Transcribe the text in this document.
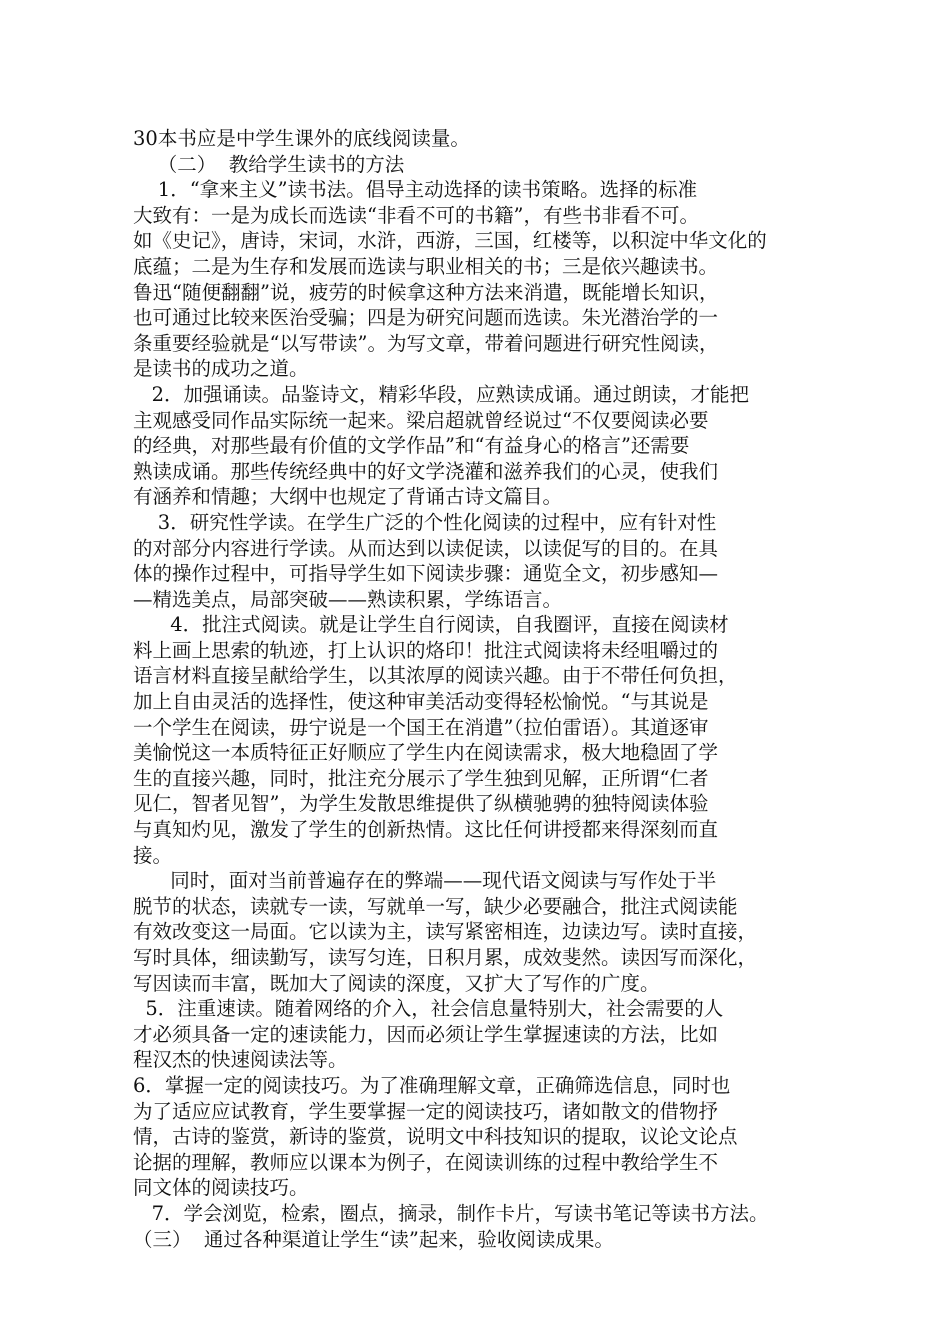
30本书应是中学生课外的底线阅读量。
（二）  教给学生读书的方法
1．“拿来主义”读书法。倡导主动选择的读书策略。选择的标准
大致有：一是为成长而选读“非看不可的书籍”，有些书非看不可。
如《史记》，唐诗，宋词，水浒，西游，三国，红楼等，以积淀中华文化的
底蕴；二是为生存和发展而选读与职业相关的书；三是依兴趣读书。
鲁迅“随便翻翻”说，疲劳的时候拿这种方法来消遣，既能增长知识，
也可通过比较来医治受骗；四是为研究问题而选读。朱光潜治学的一
条重要经验就是“以写带读”。为写文章，带着问题进行研究性阅读，
是读书的成功之道。
2．加强诵读。品鉴诗文，精彩华段，应熟读成诵。通过朗读，才能把
主观感受同作品实际统一起来。梁启超就曾经说过“不仅要阅读必要
的经典，对那些最有价值的文学作品”和“有益身心的格言”还需要
熟读成诵。那些传统经典中的好文学浇灌和滋养我们的心灵，使我们
有涵养和情趣；大纲中也规定了背诵古诗文篇目。
3．研究性学读。在学生广泛的个性化阅读的过程中，应有针对性
的对部分内容进行学读。从而达到以读促读，以读促写的目的。在具
体的操作过程中，可指导学生如下阅读步骤：通览全文，初步感知—
—精选美点，局部突破——熟读积累，学练语言。
4．批注式阅读。就是让学生自行阅读，自我圈评，直接在阅读材
料上画上思索的轨迹，打上认识的烙印！批注式阅读将未经咀嚼过的
语言材料直接呈献给学生，以其浓厚的阅读兴趣。由于不带任何负担，
加上自由灵活的选择性，使这种审美活动变得轻松愉悦。“与其说是
一个学生在阅读，毋宁说是一个国王在消遣”（拉伯雷语）。其道逐审
美愉悦这一本质特征正好顺应了学生内在阅读需求，极大地稳固了学
生的直接兴趣，同时，批注充分展示了学生独到见解，正所谓“仁者
见仁，智者见智”，为学生发散思维提供了纵横驰骋的独特阅读体验
与真知灼见，激发了学生的创新热情。这比任何讲授都来得深刻而直
接。
同时，面对当前普遍存在的弊端——现代语文阅读与写作处于半
脱节的状态，读就专一读，写就单一写，缺少必要融合，批注式阅读能
有效改变这一局面。它以读为主，读写紧密相连，边读边写。读时直接，
写时具体，细读勤写，读写匀连，日积月累，成效斐然。读因写而深化，
写因读而丰富，既加大了阅读的深度，又扩大了写作的广度。
5．注重速读。随着网络的介入，社会信息量特别大，社会需要的人
才必须具备一定的速读能力，因而必须让学生掌握速读的方法，比如
程汉杰的快速阅读法等。
6．掌握一定的阅读技巧。为了准确理解文章，正确筛选信息，同时也
为了适应应试教育，学生要掌握一定的阅读技巧，诸如散文的借物抒
情，古诗的鉴赏，新诗的鉴赏，说明文中科技知识的提取，议论文论点
论据的理解，教师应以课本为例子，在阅读训练的过程中教给学生不
同文体的阅读技巧。
7．学会浏览，检索，圈点，摘录，制作卡片，写读书笔记等读书方法。
（三）  通过各种渠道让学生“读”起来，验收阅读成果。
